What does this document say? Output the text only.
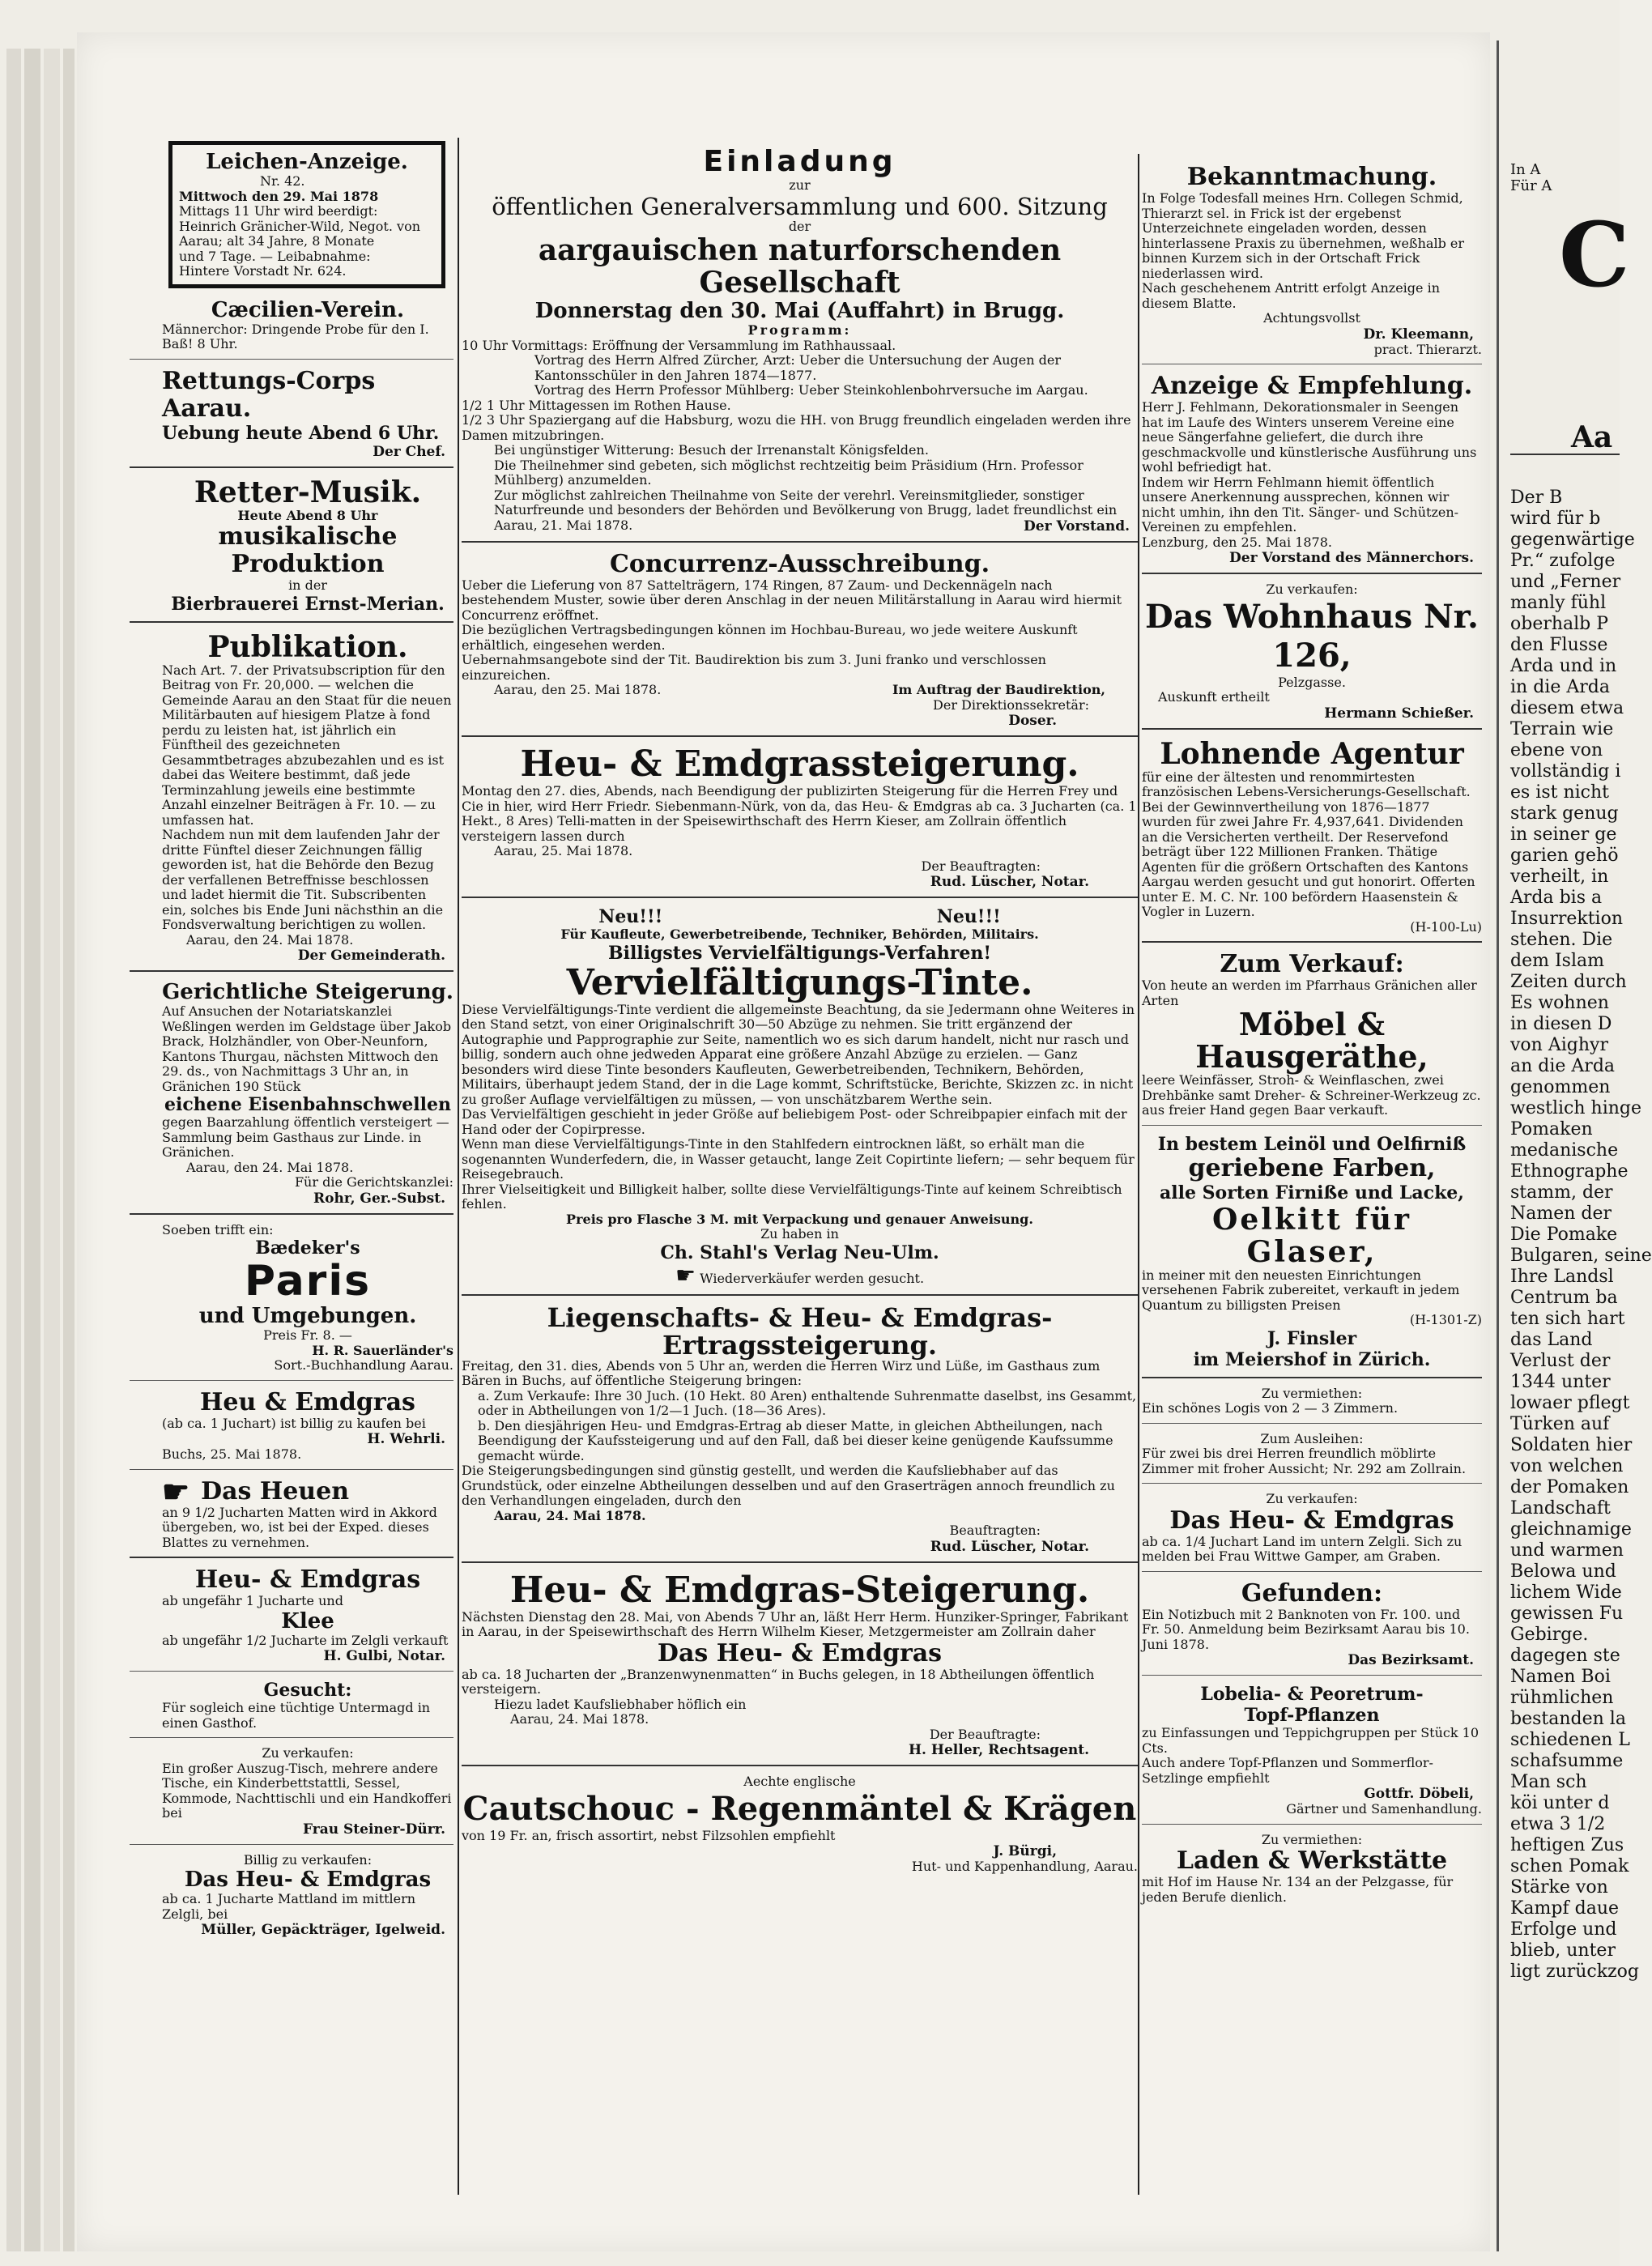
Leichen-Anzeige.
Nr. 42.
Mittwoch den 29. Mai 1878
Mittags 11 Uhr wird beerdigt:
Heinrich Gränicher-Wild, Negot. von
Aarau; alt 34 Jahre, 8 Monate
und 7 Tage. — Leibabnahme:
Hintere Vorstadt Nr. 624.
Cæcilien-Verein.
Männerchor: Dringende Probe für den I. Baß! 8 Uhr.
Rettungs-Corps Aarau.
Uebung heute Abend 6 Uhr.
Der Chef.
Retter-Musik.
Heute Abend 8 Uhr
musikalische Produktion
in der
Bierbrauerei Ernst-Merian.
Publikation.

Nach Art. 7. der Privatsubscription für den Beitrag von Fr. 20,000. — welchen die Gemeinde Aarau an den Staat für die neuen Militärbauten auf hiesigem Platze à fond perdu zu leisten hat, ist jährlich ein Fünftheil des gezeichneten Gesammtbetrages abzubezahlen und es ist dabei das Weitere bestimmt, daß jede Terminzahlung jeweils eine bestimmte Anzahl einzelner Beiträgen à Fr. 10. — zu umfassen hat.

Nachdem nun mit dem laufenden Jahr der dritte Fünftel dieser Zeichnungen fällig geworden ist, hat die Behörde den Bezug der verfallenen Betreffnisse beschlossen und ladet hiermit die Tit. Subscribenten ein, solches bis Ende Juni nächsthin an die Fondsverwaltung berichtigen zu wollen.

Aarau, den 24. Mai 1878.
Der Gemeinderath.
Gerichtliche Steigerung.

Auf Ansuchen der Notariatskanzlei Weßlingen werden im Geldstage über Jakob Brack, Holzhändler, von Ober-Neunforn, Kantons Thurgau, nächsten Mittwoch den 29. ds., von Nachmittags 3 Uhr an, in Gränichen 190 Stück

eichene Eisenbahnschwellen

gegen Baarzahlung öffentlich versteigert — Sammlung beim Gasthaus zur Linde. in Gränichen.

Aarau, den 24. Mai 1878.
Für die Gerichtskanzlei:
Rohr, Ger.-Subst.
Soeben trifft ein:
Bædeker's
Paris
und Umgebungen.
Preis Fr. 8. —
H. R. Sauerländer's
Sort.-Buchhandlung Aarau.
Heu & Emdgras
(ab ca. 1 Juchart) ist billig zu kaufen bei
H. Wehrli.
Buchs, 25. Mai 1878.
☛ Das Heuen

an 9 1/2 Jucharten Matten wird in Akkord übergeben, wo, ist bei der Exped. dieses Blattes zu vernehmen.

Heu- & Emdgras
ab ungefähr 1 Jucharte und
Klee
ab ungefähr 1/2 Jucharte im Zelgli verkauft
H. Gulbi, Notar.
Gesucht:

Für sogleich eine tüchtige Untermagd in einen Gasthof.

Zu verkaufen:

Ein großer Auszug-Tisch, mehrere andere Tische, ein Kinderbettstattli, Sessel, Kommode, Nachttischli und ein Handkofferi bei

Frau Steiner-Dürr.
Billig zu verkaufen:
Das Heu- & Emdgras

ab ca. 1 Jucharte Mattland im mittlern Zelgli, bei

Müller, Gepäckträger, Igelweid.
Einladung
zur
öffentlichen Generalversammlung und 600. Sitzung
der
aargauischen naturforschenden Gesellschaft
Donnerstag den 30. Mai (Auffahrt) in Brugg.
Programm:

10 Uhr Vormittags: Eröffnung der Versammlung im Rathhaussaal.

Vortrag des Herrn Alfred Zürcher, Arzt: Ueber die Untersuchung der Augen der Kantonsschüler in den Jahren 1874—1877.

Vortrag des Herrn Professor Mühlberg: Ueber Steinkohlenbohrversuche im Aargau.

1/2 1 Uhr Mittagessen im Rothen Hause.

1/2 3 Uhr Spaziergang auf die Habsburg, wozu die HH. von Brugg freundlich eingeladen werden ihre Damen mitzubringen.

Bei ungünstiger Witterung: Besuch der Irrenanstalt Königsfelden.

Die Theilnehmer sind gebeten, sich möglichst rechtzeitig beim Präsidium (Hrn. Professor Mühlberg) anzumelden.

Zur möglichst zahlreichen Theilnahme von Seite der verehrl. Vereinsmitglieder, sonstiger Naturfreunde und besonders der Behörden und Bevölkerung von Brugg, ladet freundlichst ein

Aarau, 21. Mai 1878.	Der Vorstand.
Concurrenz-Ausschreibung.

Ueber die Lieferung von 87 Sattelträgern, 174 Ringen, 87 Zaum- und Deckennägeln nach bestehendem Muster, sowie über deren Anschlag in der neuen Militärstallung in Aarau wird hiermit Concurrenz eröffnet.

Die bezüglichen Vertragsbedingungen können im Hochbau-Bureau, wo jede weitere Auskunft erhältlich, eingesehen werden.

Uebernahmsangebote sind der Tit. Baudirektion bis zum 3. Juni franko und verschlossen einzureichen.

Aarau, den 25. Mai 1878.	Im Auftrag der Baudirektion,
Der Direktionssekretär:
Doser.
Heu- & Emdgrassteigerung.

Montag den 27. dies, Abends, nach Beendigung der publizirten Steigerung für die Herren Frey und Cie in hier, wird Herr Friedr. Siebenmann-Nürk, von da, das Heu- & Emdgras ab ca. 3 Jucharten (ca. 1 Hekt., 8 Ares) Telli-matten in der Speisewirthschaft des Herrn Kieser, am Zollrain öffentlich versteigern lassen durch

Aarau, 25. Mai 1878.
Der Beauftragten:
Rud. Lüscher, Notar.
Neu!!!	Neu!!!
Für Kaufleute, Gewerbetreibende, Techniker, Behörden, Militairs.
Billigstes Vervielfältigungs-Verfahren!
Vervielfältigungs-Tinte.

Diese Vervielfältigungs-Tinte verdient die allgemeinste Beachtung, da sie Jedermann ohne Weiteres in den Stand setzt, von einer Originalschrift 30—50 Abzüge zu nehmen. Sie tritt ergänzend der Autographie und Papprographie zur Seite, namentlich wo es sich darum handelt, nicht nur rasch und billig, sondern auch ohne jedweden Apparat eine größere Anzahl Abzüge zu erzielen. — Ganz besonders wird diese Tinte besonders Kaufleuten, Gewerbetreibenden, Technikern, Behörden, Militairs, überhaupt jedem Stand, der in die Lage kommt, Schriftstücke, Berichte, Skizzen zc. in nicht zu großer Auflage vervielfältigen zu müssen, — von unschätzbarem Werthe sein.

Das Vervielfältigen geschieht in jeder Größe auf beliebigem Post- oder Schreibpapier einfach mit der Hand oder der Copirpresse.

Wenn man diese Vervielfältigungs-Tinte in den Stahlfedern eintrocknen läßt, so erhält man die sogenannten Wunderfedern, die, in Wasser getaucht, lange Zeit Copirtinte liefern; — sehr bequem für Reisegebrauch.

Ihrer Vielseitigkeit und Billigkeit halber, sollte diese Vervielfältigungs-Tinte auf keinem Schreibtisch fehlen.

Preis pro Flasche 3 M. mit Verpackung und genauer Anweisung.
Zu haben in
Ch. Stahl's Verlag Neu-Ulm.
☛ Wiederverkäufer werden gesucht.
Liegenschafts- & Heu- & Emdgras-Ertragssteigerung.

Freitag, den 31. dies, Abends von 5 Uhr an, werden die Herren Wirz und Lüße, im Gasthaus zum Bären in Buchs, auf öffentliche Steigerung bringen:

a. Zum Verkaufe: Ihre 30 Juch. (10 Hekt. 80 Aren) enthaltende Suhrenmatte daselbst, ins Gesammt, oder in Abtheilungen von 1/2—1 Juch. (18—36 Ares).

b. Den diesjährigen Heu- und Emdgras-Ertrag ab dieser Matte, in gleichen Abtheilungen, nach Beendigung der Kaufssteigerung und auf den Fall, daß bei dieser keine genügende Kaufssumme gemacht würde.

Die Steigerungsbedingungen sind günstig gestellt, und werden die Kaufsliebhaber auf das Grundstück, oder einzelne Abtheilungen desselben und auf den Graserträgen annoch freundlich zu den Verhandlungen eingeladen, durch den

Aarau, 24. Mai 1878.
Beauftragten:
Rud. Lüscher, Notar.
Heu- & Emdgras-Steigerung.

Nächsten Dienstag den 28. Mai, von Abends 7 Uhr an, läßt Herr Herm. Hunziker-Springer, Fabrikant in Aarau, in der Speisewirthschaft des Herrn Wilhelm Kieser, Metzgermeister am Zollrain daher

Das Heu- & Emdgras

ab ca. 18 Jucharten der „Branzenwynenmatten“ in Buchs gelegen, in 18 Abtheilungen öffentlich versteigern.

Hiezu ladet Kaufsliebhaber höflich ein

Aarau, 24. Mai 1878.
Der Beauftragte:
H. Heller, Rechtsagent.
Aechte englische
Cautschouc - Regenmäntel & Krägen
von 19 Fr. an, frisch assortirt, nebst Filzsohlen empfiehlt
J. Bürgi,
Hut- und Kappenhandlung, Aarau.
Bekanntmachung.

In Folge Todesfall meines Hrn. Collegen Schmid, Thierarzt sel. in Frick ist der ergebenst Unterzeichnete eingeladen worden, dessen hinterlassene Praxis zu übernehmen, weßhalb er binnen Kurzem sich in der Ortschaft Frick niederlassen wird.

Nach geschehenem Antritt erfolgt Anzeige in diesem Blatte.

Achtungsvollst
Dr. Kleemann,
pract. Thierarzt.
Anzeige & Empfehlung.

Herr J. Fehlmann, Dekorationsmaler in Seengen hat im Laufe des Winters unserem Vereine eine neue Sängerfahne geliefert, die durch ihre geschmackvolle und künstlerische Ausführung uns wohl befriedigt hat.

Indem wir Herrn Fehlmann hiemit öffentlich unsere Anerkennung aussprechen, können wir nicht umhin, ihn den Tit. Sänger- und Schützen-Vereinen zu empfehlen.

Lenzburg, den 25. Mai 1878.
Der Vorstand des Männerchors.
Zu verkaufen:
Das Wohnhaus Nr. 126,
Pelzgasse.
Auskunft ertheilt
Hermann Schießer.
Lohnende Agentur

für eine der ältesten und renommirtesten französischen Lebens-Versicherungs-Gesellschaft. Bei der Gewinnvertheilung von 1876—1877 wurden für zwei Jahre Fr. 4,937,641. Dividenden an die Versicherten vertheilt. Der Reservefond beträgt über 122 Millionen Franken. Thätige Agenten für die größern Ortschaften des Kantons Aargau werden gesucht und gut honorirt. Offerten unter E. M. C. Nr. 100 befördern Haasenstein & Vogler in Luzern.

(H-100-Lu)
Zum Verkauf:

Von heute an werden im Pfarrhaus Gränichen aller Arten

Möbel & Hausgeräthe,

leere Weinfässer, Stroh- & Weinflaschen, zwei Drehbänke samt Dreher- & Schreiner-Werkzeug zc. aus freier Hand gegen Baar verkauft.

In bestem Leinöl und Oelfirniß
geriebene Farben,
alle Sorten Firniße und Lacke,
Oelkitt für Glaser,

in meiner mit den neuesten Einrichtungen versehenen Fabrik zubereitet, verkauft in jedem Quantum zu billigsten Preisen

(H-1301-Z)
J. Finsler
im Meiershof in Zürich.
Zu vermiethen:

Ein schönes Logis von 2 — 3 Zimmern.

Zum Ausleihen:

Für zwei bis drei Herren freundlich möblirte Zimmer mit froher Aussicht; Nr. 292 am Zollrain.

Zu verkaufen:
Das Heu- & Emdgras

ab ca. 1/4 Juchart Land im untern Zelgli. Sich zu melden bei Frau Wittwe Gamper, am Graben.

Gefunden:

Ein Notizbuch mit 2 Banknoten von Fr. 100. und Fr. 50. Anmeldung beim Bezirksamt Aarau bis 10. Juni 1878.

Das Bezirksamt.
Lobelia- & Peoretrum-
Topf-Pflanzen

zu Einfassungen und Teppichgruppen per Stück 10 Cts.

Auch andere Topf-Pflanzen und Sommerflor-Setzlinge empfiehlt

Gottfr. Döbeli,
Gärtner und Samenhandlung.
Zu vermiethen:
Laden & Werkstätte

mit Hof im Hause Nr. 134 an der Pelzgasse, für jeden Berufe dienlich.

In A
Für A
C
Aa
Der B
wird für b
gegenwärtige
Pr.“ zufolge
und „Ferner
manly fühl
oberhalb P
den Flusse
Arda und in
in die Arda
diesem etwa
Terrain wie
ebene von
vollständig i
es ist nicht
stark genug
in seiner ge
garien gehö
verheilt, in
Arda bis a
Insurrektion
stehen. Die
dem Islam
Zeiten durch
Es wohnen
in diesen D
von Aighyr
an die Arda
genommen
westlich hinge
Pomaken
medanische
Ethnographe
stamm, der
Namen der
Die Pomake
Bulgaren, seine
Ihre Landsl
Centrum ba
ten sich hart
das Land
Verlust der
1344 unter
lowaer pflegt
Türken auf
Soldaten hier
von welchen
der Pomaken
Landschaft
gleichnamige
und warmen
Belowa und
lichem Wide
gewissen Fu
Gebirge.
dagegen ste
Namen Boi
rühmlichen
bestanden la
schiedenen L
schafsumme
Man sch
köi unter d
etwa 3 1/2
heftigen Zus
schen Pomak
Stärke von
Kampf daue
Erfolge und
blieb, unter
ligt zurückzog
